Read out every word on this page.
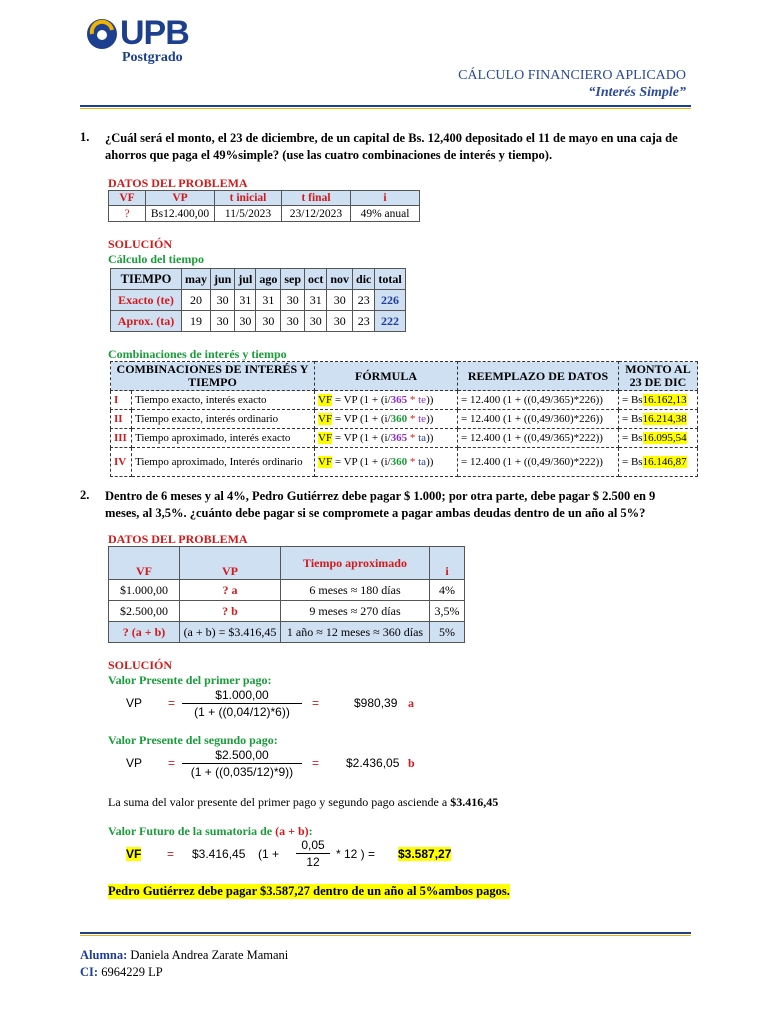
UPB
Postgrado
CÁLCULO FINANCIERO APLICADO
“Interés Simple”
1. ¿Cuál será el monto, el 23 de diciembre, de un capital de Bs. 12,400 depositado el 11 de mayo en una caja de ahorros que paga el 49%simple? (use las cuatro combinaciones de interés y tiempo).
DATOS DEL PROBLEMA
VF	VP	t inicial	t final	i
?	Bs12.400,00	11/5/2023	23/12/2023	49% anual
SOLUCIÓN
Cálculo del tiempo
TIEMPO	may	jun	jul	ago	sep	oct	nov	dic	total
Exacto (te)	20	30	31	31	30	31	30	23	226
Aprox. (ta)	19	30	30	30	30	30	30	23	222
Combinaciones de interés y tiempo
COMBINACIONES DE INTERÉS Y TIEMPO		FÓRMULA	REEMPLAZO DE DATOS	MONTO AL 23 DE DIC
I	Tiempo exacto, interés exacto	VF = VP (1 + (i/365 * te))	= 12.400 (1 + ((0,49/365)*226))	= Bs16.162,13
II	Tiempo exacto, interés ordinario	VF = VP (1 + (i/360 * te))	= 12.400 (1 + ((0,49/360)*226))	= Bs16.214,38
III	Tiempo aproximado, interés exacto	VF = VP (1 + (i/365 * ta))	= 12.400 (1 + ((0,49/365)*222))	= Bs16.095,54
IV	Tiempo aproximado, Interés ordinario	VF = VP (1 + (i/360 * ta))	= 12.400 (1 + ((0,49/360)*222))	= Bs16.146,87
2. Dentro de 6 meses y al 4%, Pedro Gutiérrez debe pagar $ 1.000; por otra parte, debe pagar $ 2.500 en 9 meses, al 3,5%. ¿cuánto debe pagar si se compromete a pagar ambas deudas dentro de un año al 5%?
DATOS DEL PROBLEMA
VF	VP	Tiempo aproximado	i
$1.000,00	? a	6 meses ≈ 180 días	4%
$2.500,00	? b	9 meses ≈ 270 días	3,5%
? (a + b)	(a + b) = $3.416,45	1 año ≈ 12 meses ≈ 360 días	5%
SOLUCIÓN
Valor Presente del primer pago:
VP = $\frac{\$1.000,00}{(1 + ((0,04/12)*6))}$ =	$980,39 a
Valor Presente del segundo pago:
VP = $\frac{\$2.500,00}{(1 + ((0,035/12)*9))}$ = $2.436,05 b
La suma del valor presente del primer pago y segundo pago asciende a $3.416,45
Valor Futuro de la sumatoria de (a + b):
VF = $3.416,45 ($1 + \frac{0,05}{12} * 12$ ) = $3.587,27
Pedro Gutiérrez debe pagar $3.587,27 dentro de un año al 5%ambos pagos.
Alumna: Daniela Andrea Zarate Mamani
CI: 6964229 LP
